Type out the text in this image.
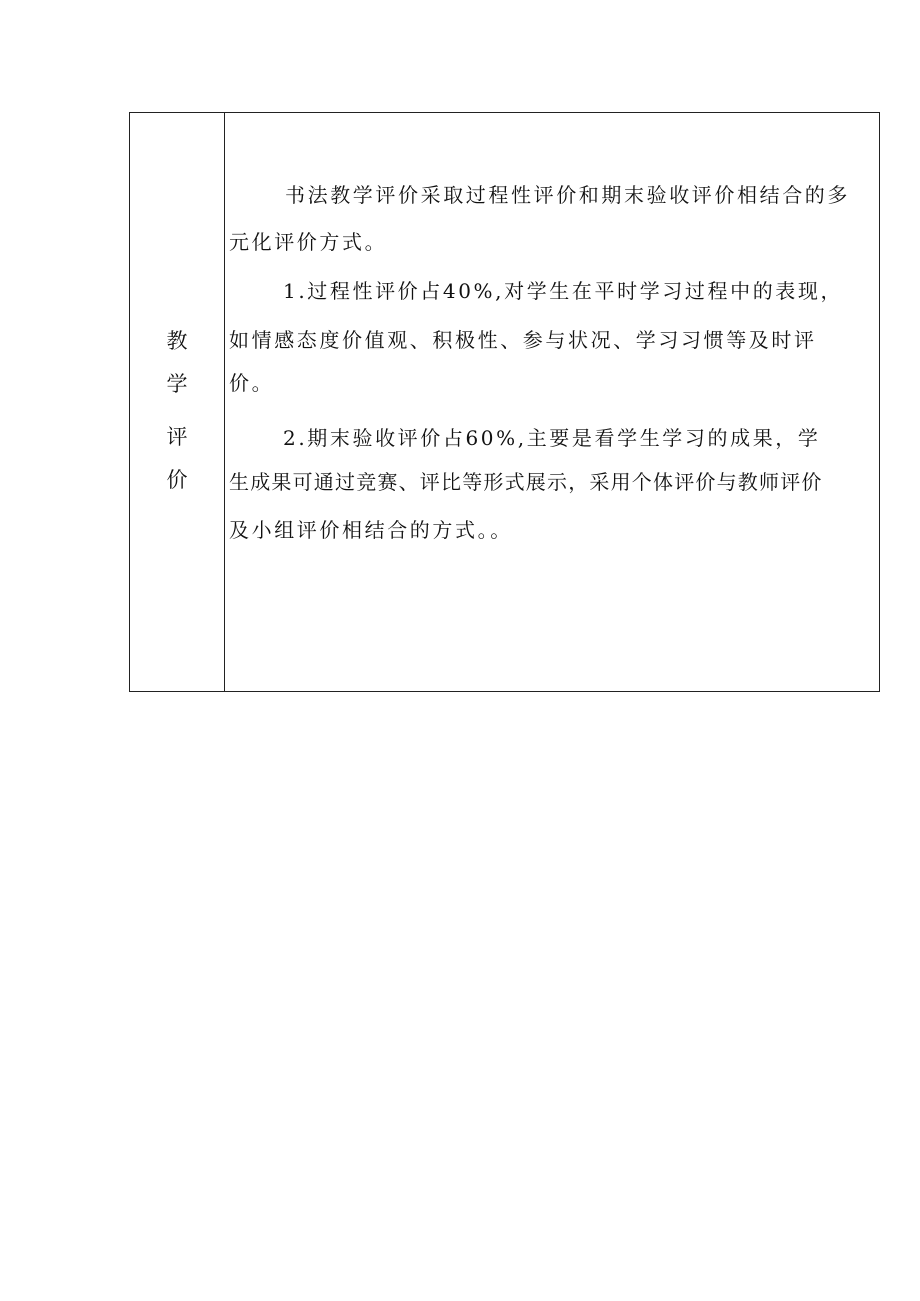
教
学
评
价
书法教学评价采取过程性评价和期末验收评价相结合的多
元化评价方式。
1.过程性评价占40%,对学生在平时学习过程中的表现，
如情感态度价值观、积极性、参与状况、学习习惯等及时评
价。
2.期末验收评价占60%,主要是看学生学习的成果，学
生成果可通过竞赛、评比等形式展示，采用个体评价与教师评价
及小组评价相结合的方式。。
